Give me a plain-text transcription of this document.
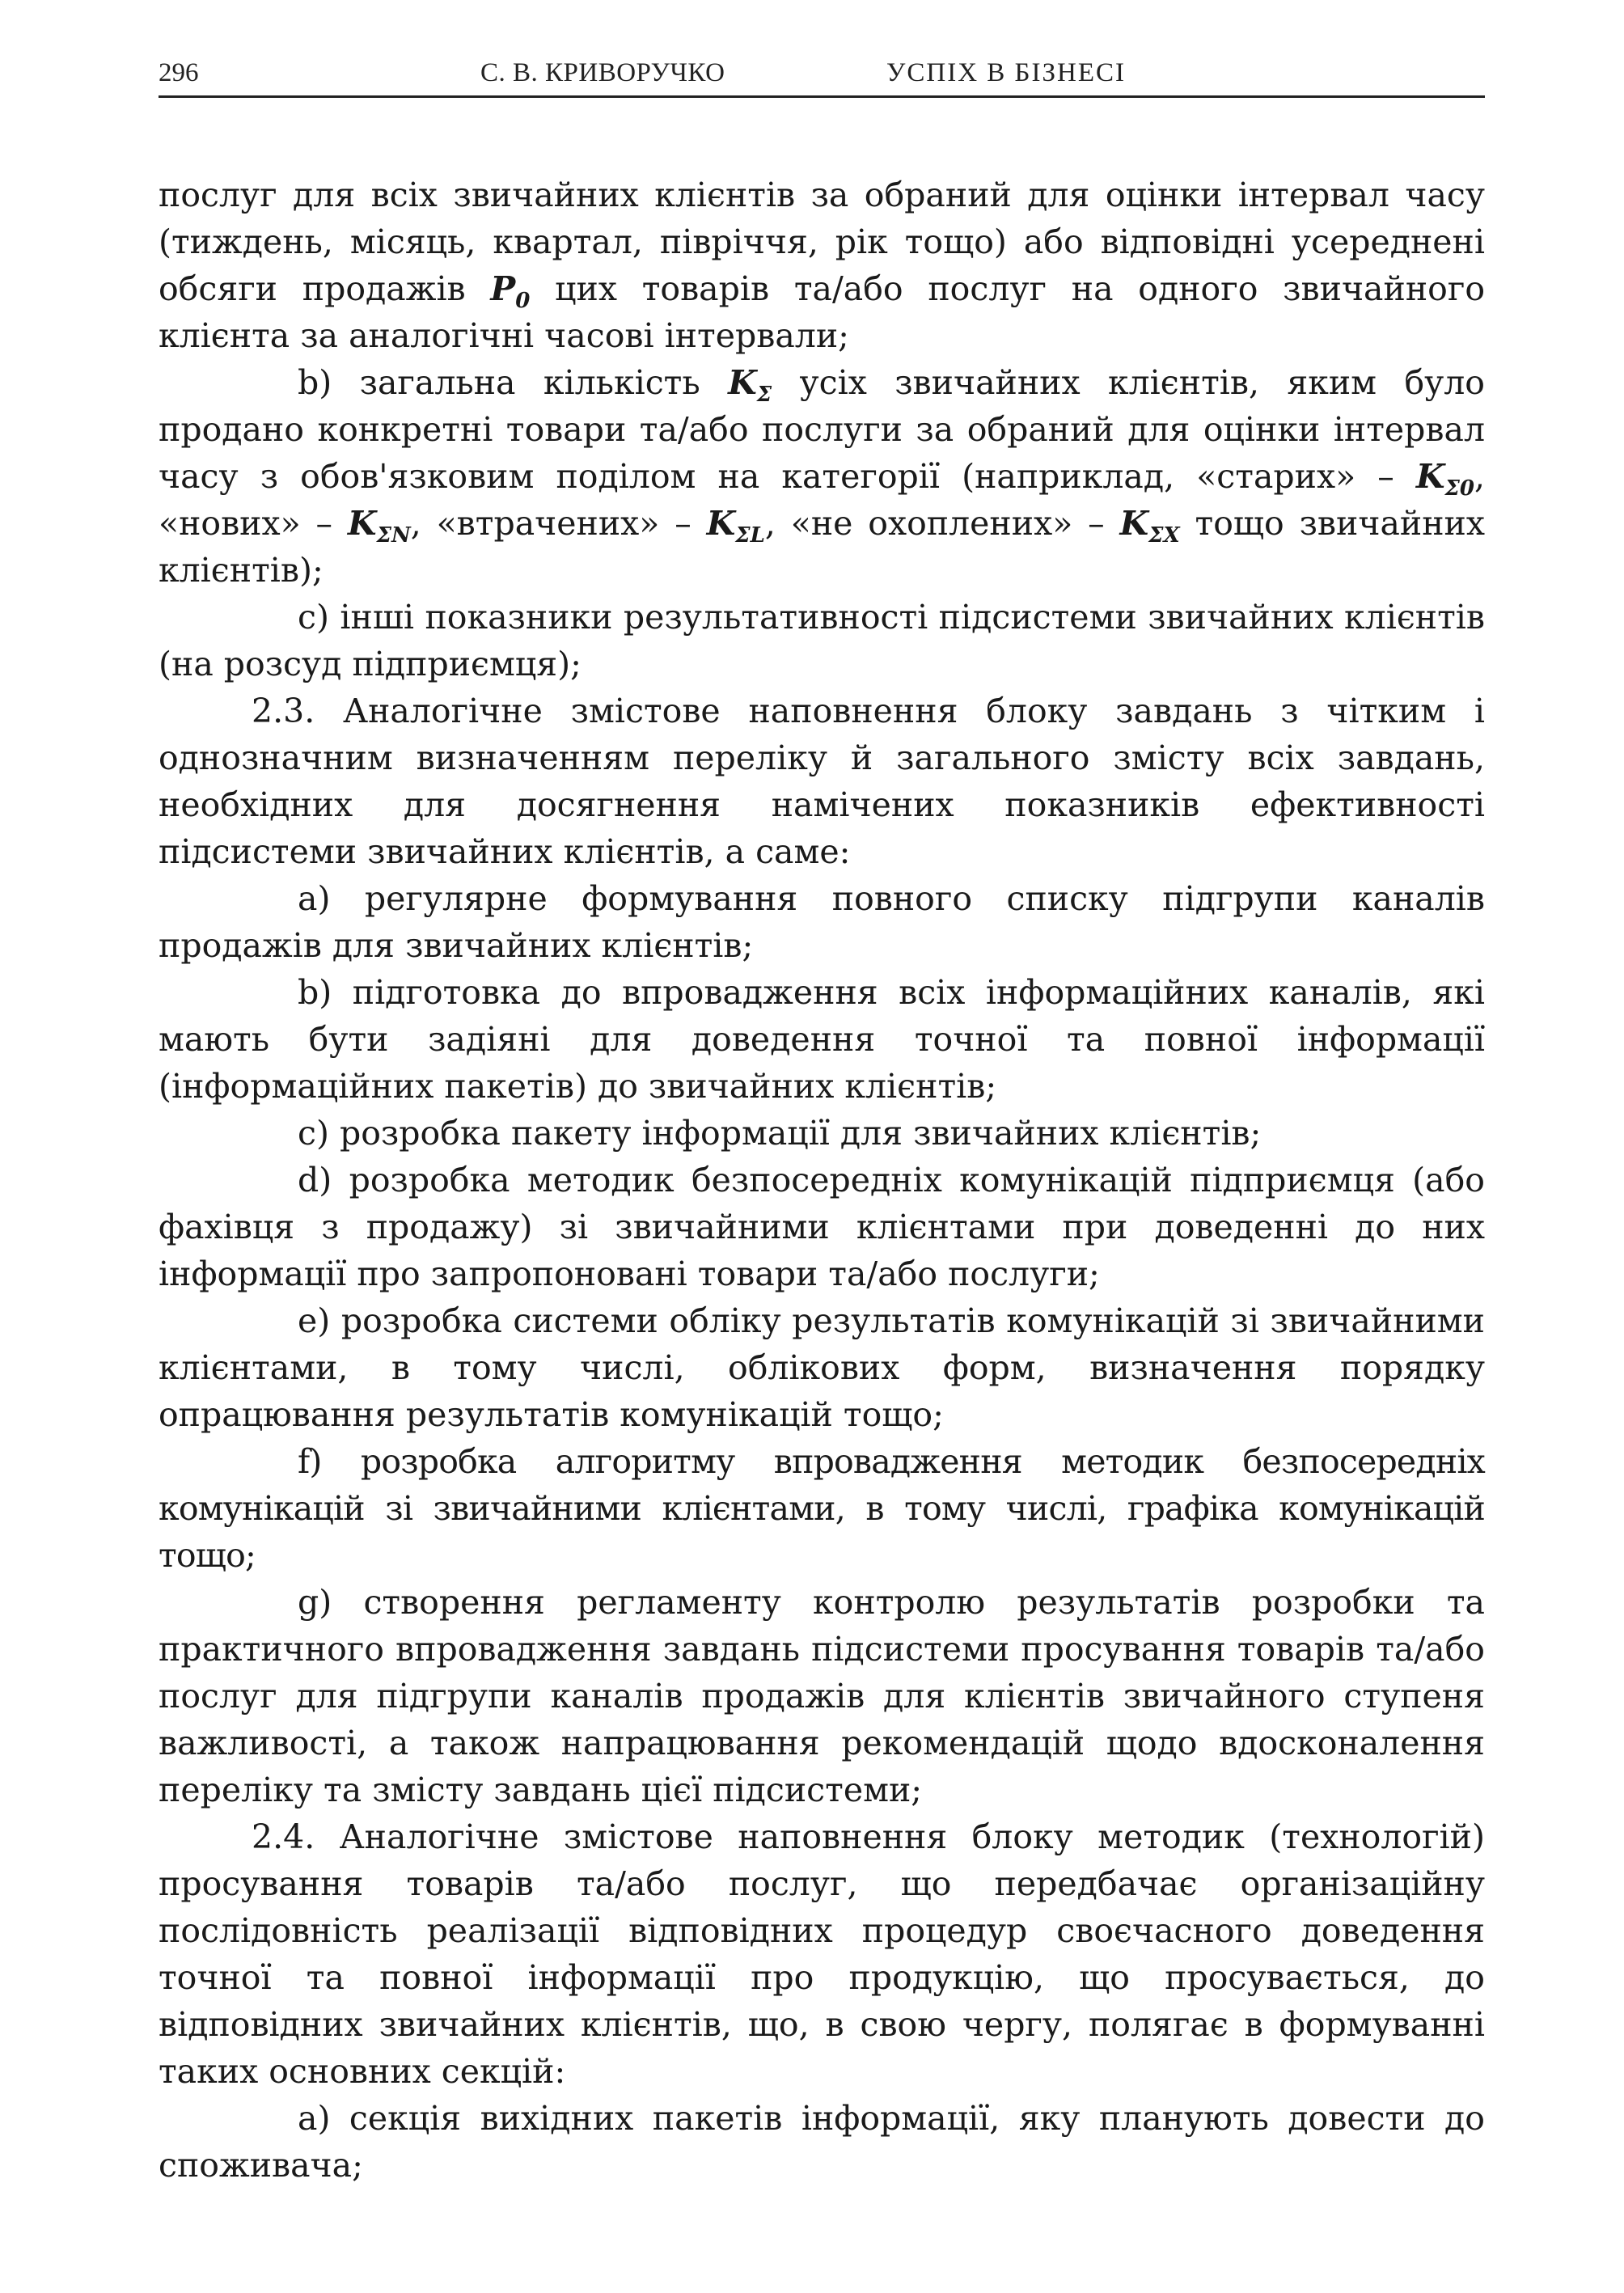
296	С. В. КРИВОРУЧКО	УСПІХ В БІЗНЕСІ

послуг для всіх звичайних клієнтів за обраний для оцінки інтервал часу (тиждень, місяць, квартал, півріччя, рік тощо) або відповідні усереднені обсяги продажів $P_0$ цих товарів та/або послуг на одного звичайного клієнта за аналогічні часові інтервали;

b) загальна кількість $K_\Sigma$ усіх звичайних клієнтів, яким було продано конкретні товари та/або послуги за обраний для оцінки інтервал часу з обов'язковим поділом на категорії (наприклад, «старих» – $K_{\Sigma 0}$, «нових» – $K_{\Sigma N}$, «втрачених» – $K_{\Sigma L}$, «не охоплених» – $K_{\Sigma X}$ тощо звичайних клієнтів);

c) інші показники результативності підсистеми звичайних клієнтів (на розсуд підприємця);

2.3. Аналогічне змістове наповнення блоку завдань з чітким і однозначним визначенням переліку й загального змісту всіх завдань, необхідних для досягнення намічених показників ефективності підсистеми звичайних клієнтів, а саме:

a) регулярне формування повного списку підгрупи каналів продажів для звичайних клієнтів;

b) підготовка до впровадження всіх інформаційних каналів, які мають бути задіяні для доведення точної та повної інформації (інформаційних пакетів) до звичайних клієнтів;

c) розробка пакету інформації для звичайних клієнтів;

d) розробка методик безпосередніх комунікацій підприємця (або фахівця з продажу) зі звичайними клієнтами при доведенні до них інформації про запропоновані товари та/або послуги;

e) розробка системи обліку результатів комунікацій зі звичайними клієнтами, в тому числі, облікових форм, визначення порядку опрацювання результатів комунікацій тощо;

f) розробка алгоритму впровадження методик безпосередніх комунікацій зі звичайними клієнтами, в тому числі, графіка комунікацій тощо;

g) створення регламенту контролю результатів розробки та практичного впровадження завдань підсистеми просування товарів та/або послуг для підгрупи каналів продажів для клієнтів звичайного ступеня важливості, а також напрацювання рекомендацій щодо вдосконалення переліку та змісту завдань цієї підсистеми;

2.4. Аналогічне змістове наповнення блоку методик (технологій) просування товарів та/або послуг, що передбачає організаційну послідовність реалізації відповідних процедур своєчасного доведення точної та повної інформації про продукцію, що просувається, до відповідних звичайних клієнтів, що, в свою чергу, полягає в формуванні таких основних секцій:

a) секція вихідних пакетів інформації, яку планують довести до споживача;
